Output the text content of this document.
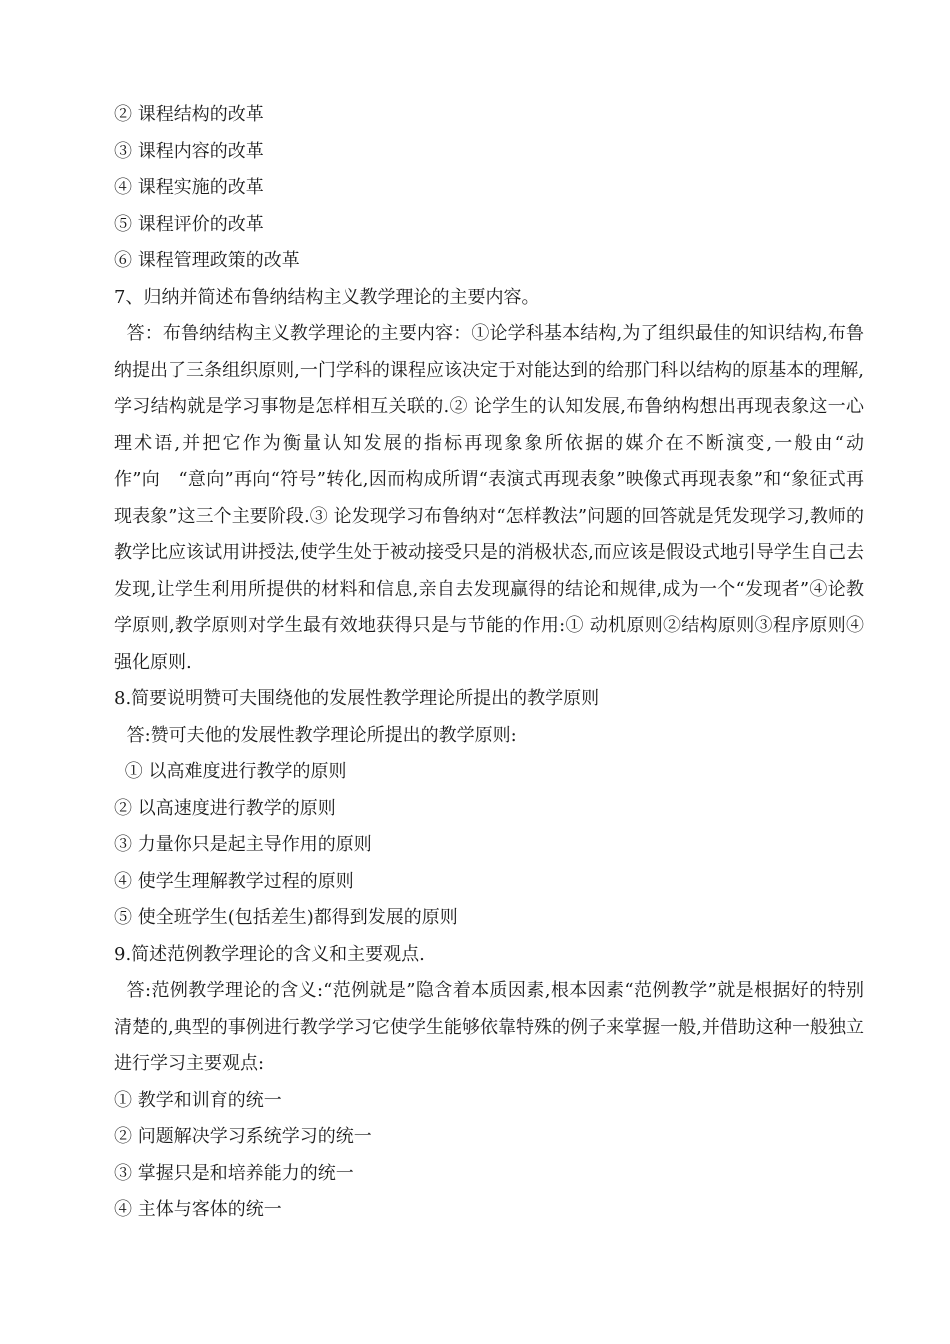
② 课程结构的改革
③ 课程内容的改革
④ 课程实施的改革
⑤ 课程评价的改革
⑥ 课程管理政策的改革
7、归纳并简述布鲁纳结构主义教学理论的主要内容。

答：布鲁纳结构主义教学理论的主要内容：①论学科基本结构,为了组织最佳的知识结构,布鲁纳提出了三条组织原则,一门学科的课程应该决定于对能达到的给那门科以结构的原基本的理解,学习结构就是学习事物是怎样相互关联的.② 论学生的认知发展,布鲁纳构想出再现表象这一心理术语,并把它作为衡量认知发展的指标再现象象所依据的媒介在不断演变,一般由“动作”向　“意向”再向“符号”转化,因而构成所谓“表演式再现表象”映像式再现表象”和“象征式再现表象”这三个主要阶段.③ 论发现学习布鲁纳对“怎样教法”问题的回答就是凭发现学习,教师的教学比应该试用讲授法,使学生处于被动接受只是的消极状态,而应该是假设式地引导学生自己去发现,让学生利用所提供的材料和信息,亲自去发现赢得的结论和规律,成为一个“发现者”④论教学原则,教学原则对学生最有效地获得只是与节能的作用:① 动机原则②结构原则③程序原则④强化原则.

8.简要说明赞可夫围绕他的发展性教学理论所提出的教学原则
答:赞可夫他的发展性教学理论所提出的教学原则:
① 以高难度进行教学的原则
② 以高速度进行教学的原则
③ 力量你只是起主导作用的原则
④ 使学生理解教学过程的原则
⑤ 使全班学生(包括差生)都得到发展的原则
9.简述范例教学理论的含义和主要观点.

答:范例教学理论的含义:“范例就是”隐含着本质因素,根本因素“范例教学”就是根据好的特别清楚的,典型的事例进行教学学习它使学生能够依靠特殊的例子来掌握一般,并借助这种一般独立进行学习主要观点:

① 教学和训育的统一
② 问题解决学习系统学习的统一
③ 掌握只是和培养能力的统一
④ 主体与客体的统一
